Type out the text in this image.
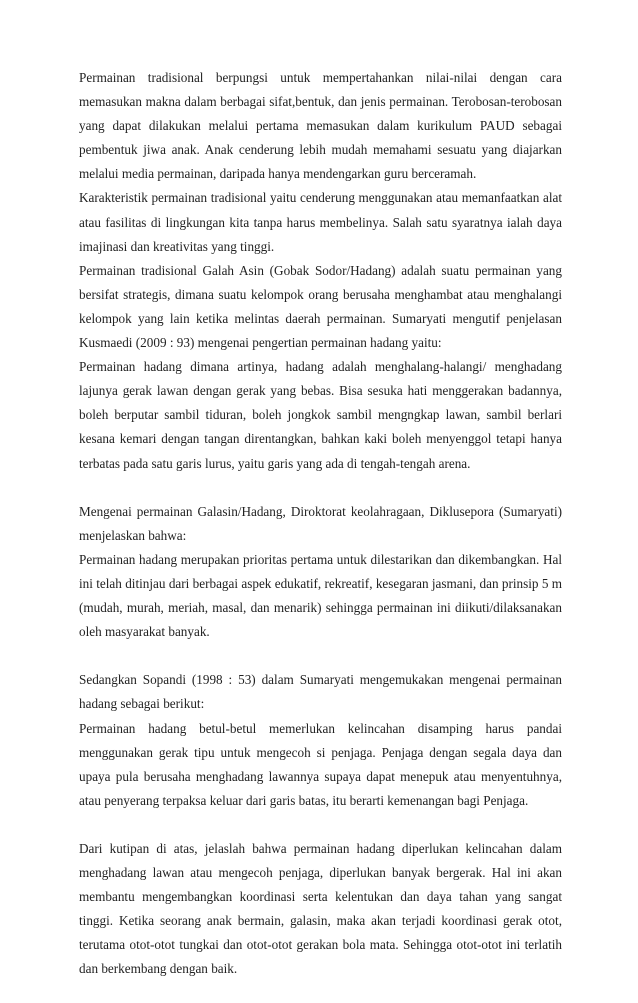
Permainan tradisional berpungsi untuk mempertahankan nilai-nilai dengan cara memasukan makna dalam berbagai sifat,bentuk, dan jenis permainan. Terobosan-terobosan yang dapat dilakukan melalui pertama memasukan dalam kurikulum PAUD sebagai pembentuk jiwa anak. Anak cenderung lebih mudah memahami sesuatu yang diajarkan melalui media permainan, daripada hanya mendengarkan guru berceramah.

Karakteristik permainan tradisional yaitu cenderung menggunakan atau memanfaatkan alat atau fasilitas di lingkungan kita tanpa harus membelinya. Salah satu syaratnya ialah daya imajinasi dan kreativitas yang tinggi.

Permainan tradisional Galah Asin (Gobak Sodor/Hadang) adalah suatu permainan yang bersifat strategis, dimana suatu kelompok orang berusaha menghambat atau menghalangi kelompok yang lain ketika melintas daerah permainan. Sumaryati mengutif penjelasan Kusmaedi (2009 : 93) mengenai pengertian permainan hadang yaitu:

Permainan hadang dimana artinya, hadang adalah menghalang-halangi/ menghadang lajunya gerak lawan dengan gerak yang bebas. Bisa sesuka hati menggerakan badannya, boleh berputar sambil tiduran, boleh jongkok sambil mengngkap lawan, sambil berlari kesana kemari dengan tangan direntangkan, bahkan kaki boleh menyenggol tetapi hanya terbatas pada satu garis lurus, yaitu garis yang ada di tengah-tengah arena.

Mengenai permainan Galasin/Hadang, Diroktorat keolahragaan, Diklusepora (Sumaryati) menjelaskan bahwa:

Permainan hadang merupakan prioritas pertama untuk dilestarikan dan dikembangkan. Hal ini telah ditinjau dari berbagai aspek edukatif, rekreatif, kesegaran jasmani, dan prinsip 5 m (mudah, murah, meriah, masal, dan menarik) sehingga permainan ini diikuti/dilaksanakan oleh masyarakat banyak.

Sedangkan Sopandi (1998 : 53) dalam Sumaryati mengemukakan mengenai permainan hadang sebagai berikut:

Permainan hadang betul-betul memerlukan kelincahan disamping harus pandai menggunakan gerak tipu untuk mengecoh si penjaga. Penjaga dengan segala daya dan upaya pula berusaha menghadang lawannya supaya dapat menepuk atau menyentuhnya, atau penyerang terpaksa keluar dari garis batas, itu berarti kemenangan bagi Penjaga.

Dari kutipan di atas, jelaslah bahwa permainan hadang diperlukan kelincahan dalam menghadang lawan atau mengecoh penjaga, diperlukan banyak bergerak. Hal ini akan membantu mengembangkan koordinasi serta kelentukan dan daya tahan yang sangat tinggi. Ketika seorang anak bermain, galasin, maka akan terjadi koordinasi gerak otot, terutama otot-otot tungkai dan otot-otot gerakan bola mata. Sehingga otot-otot ini terlatih dan berkembang dengan baik.
